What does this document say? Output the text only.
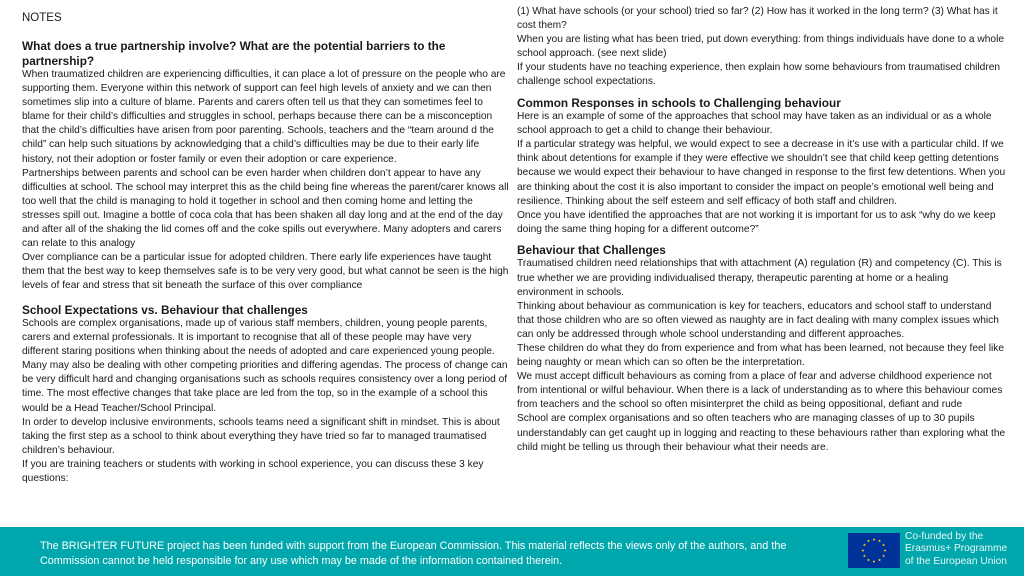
NOTES
What does a true partnership involve? What are the potential barriers to the partnership?

When traumatized children are experiencing difficulties, it can place a lot of pressure on the people who are supporting them. Everyone within this network of support can feel high levels of anxiety and we can then sometimes slip into a culture of blame. Parents and carers often tell us that they can sometimes feel to blame for their child’s difficulties and struggles in school, perhaps because there can be a misconception that the child’s difficulties have arisen from poor parenting. Schools, teachers and the “team around d the child” can help such situations by acknowledging that a child’s difficulties may be due to their early life history, not their adoption or foster family or even their adoption or care experience.

Partnerships between parents and school can be even harder when children don’t appear to have any difficulties at school. The school may interpret this as the child being fine whereas the parent/carer knows all too well that the child is managing to hold it together in school and then coming home and letting the stresses spill out. Imagine a bottle of coca cola that has been shaken all day long and at the end of the day and after all of the shaking the lid comes off and the coke spills out everywhere. Many adopters and carers can relate to this analogy

Over compliance can be a particular issue for adopted children. There early life experiences have taught them that the best way to keep themselves safe is to be very very good, but what cannot be seen is the high levels of fear and stress that sit beneath the surface of this over compliance

School Expectations vs. Behaviour that challenges

Schools are complex organisations, made up of various staff members, children, young people parents, carers and external professionals. It is important to recognise that all of these people may have very different staring positions when thinking about the needs of adopted and care experienced young people. Many may also be dealing with other competing priorities and differing agendas. The process of change can be very difficult hard and changing organisations such as schools requires consistency over a long period of time. The most effective changes that take place are led from the top, so in the example of a school this would be a Head Teacher/School Principal.

In order to develop inclusive environments, schools teams need a significant shift in mindset. This is about taking the first step as a school to think about everything they have tried so far to managed traumatised children’s behaviour.

If you are training teachers or students with working in school experience, you can discuss these 3 key questions:

(1) What have schools (or your school) tried so far? (2) How has it worked in the long term? (3) What has it cost them?

When you are listing what has been tried, put down everything: from things individuals have done to a whole school approach. (see next slide)

If your students have no teaching experience, then explain how some behaviours from traumatised children challenge school expectations.

Common Responses in schools to Challenging behaviour

Here is an example of some of the approaches that school may have taken as an individual or as a whole school approach to get a child to change their behaviour.

If a particular strategy was helpful, we would expect to see a decrease in it’s use with a particular child. If we think about detentions for example if they were effective we shouldn’t see that child keep getting detentions because we would expect their behaviour to have changed in response to the first few detentions. When you are thinking about the cost it is also important to consider the impact on people’s emotional well being and resilience. Thinking about the self esteem and self efficacy of both staff and children.

Once you have identified the approaches that are not working it is important for us to ask “why do we keep doing the same thing hoping for a different outcome?”

Behaviour that Challenges

Traumatised children need relationships that with attachment (A) regulation (R) and competency (C). This is true whether we are providing individualised therapy, therapeutic parenting at home or a healing environment in schools.

Thinking about behaviour as communication is key for teachers, educators and school staff to understand that those children who are so often viewed as naughty are in fact dealing with many complex issues which can only be addressed through whole school understanding and different approaches.

These children do what they do from experience and from what has been learned, not because they feel like being naughty or mean which can so often be the interpretation.

We must accept difficult behaviours as coming from a place of fear and adverse childhood experience not from intentional or wilful behaviour. When there is a lack of understanding as to where this behaviour comes from teachers and the school so often misinterpret the child as being oppositional, defiant and rude

School are complex organisations and so often teachers who are managing classes of up to 30 pupils understandably can get caught up in logging and reacting to these behaviours rather than exploring what the child might be telling us through their behaviour what their needs are.

The BRIGHTER FUTURE project has been funded with support from the European Commission. This material reflects the views only of the authors, and the Commission cannot be held responsible for any use which may be made of the information contained therein.
Co-funded by the
Erasmus+ Programme
of the European Union
